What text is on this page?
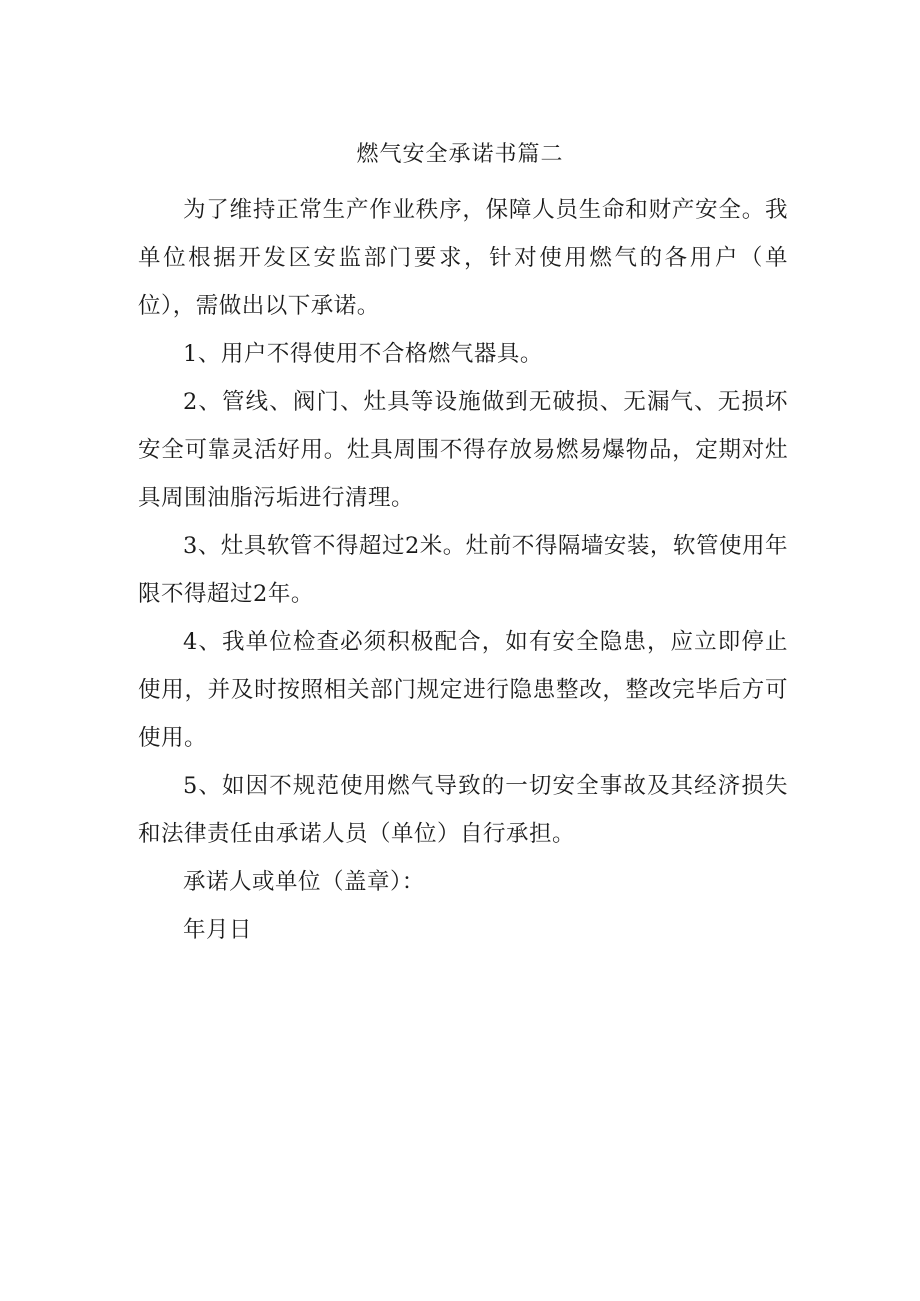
燃气安全承诺书篇二

为了维持正常生产作业秩序，保障人员生命和财产安全。我单位根据开发区安监部门要求，针对使用燃气的各用户（单位），需做出以下承诺。

1、用户不得使用不合格燃气器具。

2、管线、阀门、灶具等设施做到无破损、无漏气、无损坏安全可靠灵活好用。灶具周围不得存放易燃易爆物品，定期对灶具周围油脂污垢进行清理。

3、灶具软管不得超过2米。灶前不得隔墙安装，软管使用年限不得超过2年。

4、我单位检查必须积极配合，如有安全隐患，应立即停止使用，并及时按照相关部门规定进行隐患整改，整改完毕后方可使用。

5、如因不规范使用燃气导致的一切安全事故及其经济损失和法律责任由承诺人员（单位）自行承担。

承诺人或单位（盖章）：

年月日
